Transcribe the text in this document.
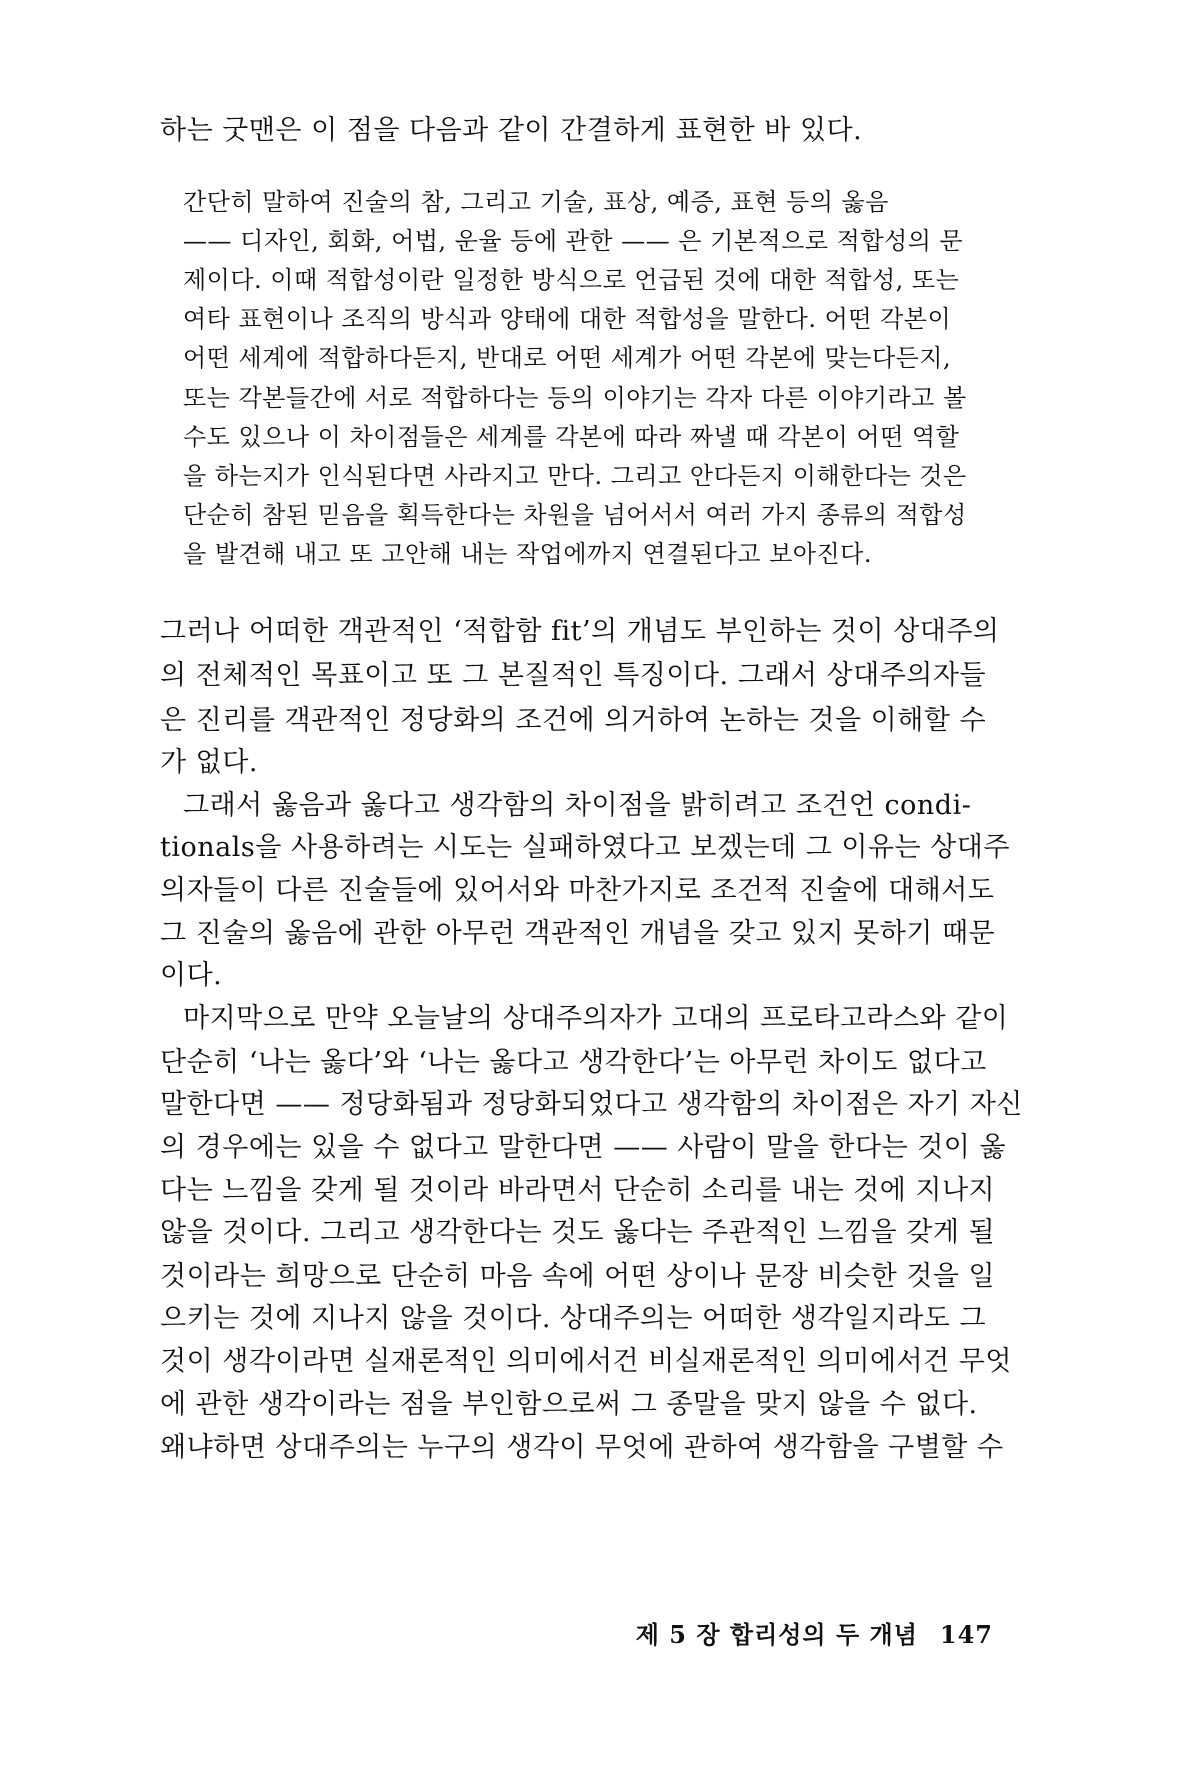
하는 굿맨은 이 점을 다음과 같이 간결하게 표현한 바 있다.
간단히 말하여 진술의 참, 그리고 기술, 표상, 예증, 표현 등의 옳음
—— 디자인, 회화, 어법, 운율 등에 관한 —— 은 기본적으로 적합성의 문
제이다. 이때 적합성이란 일정한 방식으로 언급된 것에 대한 적합성, 또는
여타 표현이나 조직의 방식과 양태에 대한 적합성을 말한다. 어떤 각본이
어떤 세계에 적합하다든지, 반대로 어떤 세계가 어떤 각본에 맞는다든지,
또는 각본들간에 서로 적합하다는 등의 이야기는 각자 다른 이야기라고 볼
수도 있으나 이 차이점들은 세계를 각본에 따라 짜낼 때 각본이 어떤 역할
을 하는지가 인식된다면 사라지고 만다. 그리고 안다든지 이해한다는 것은
단순히 참된 믿음을 획득한다는 차원을 넘어서서 여러 가지 종류의 적합성
을 발견해 내고 또 고안해 내는 작업에까지 연결된다고 보아진다.
그러나 어떠한 객관적인 ‘적합함 fit’의 개념도 부인하는 것이 상대주의
의 전체적인 목표이고 또 그 본질적인 특징이다. 그래서 상대주의자들
은 진리를 객관적인 정당화의 조건에 의거하여 논하는 것을 이해할 수
가 없다.
그래서 옳음과 옳다고 생각함의 차이점을 밝히려고 조건언 condi-
tionals을 사용하려는 시도는 실패하였다고 보겠는데 그 이유는 상대주
의자들이 다른 진술들에 있어서와 마찬가지로 조건적 진술에 대해서도
그 진술의 옳음에 관한 아무런 객관적인 개념을 갖고 있지 못하기 때문
이다.
마지막으로 만약 오늘날의 상대주의자가 고대의 프로타고라스와 같이
단순히 ‘나는 옳다’와 ‘나는 옳다고 생각한다’는 아무런 차이도 없다고
말한다면 —— 정당화됨과 정당화되었다고 생각함의 차이점은 자기 자신
의 경우에는 있을 수 없다고 말한다면 —— 사람이 말을 한다는 것이 옳
다는 느낌을 갖게 될 것이라 바라면서 단순히 소리를 내는 것에 지나지
않을 것이다. 그리고 생각한다는 것도 옳다는 주관적인 느낌을 갖게 될
것이라는 희망으로 단순히 마음 속에 어떤 상이나 문장 비슷한 것을 일
으키는 것에 지나지 않을 것이다. 상대주의는 어떠한 생각일지라도 그
것이 생각이라면 실재론적인 의미에서건 비실재론적인 의미에서건 무엇
에 관한 생각이라는 점을 부인함으로써 그 종말을 맞지 않을 수 없다.
왜냐하면 상대주의는 누구의 생각이 무엇에 관하여 생각함을 구별할 수
제 5 장 합리성의 두 개념 147
